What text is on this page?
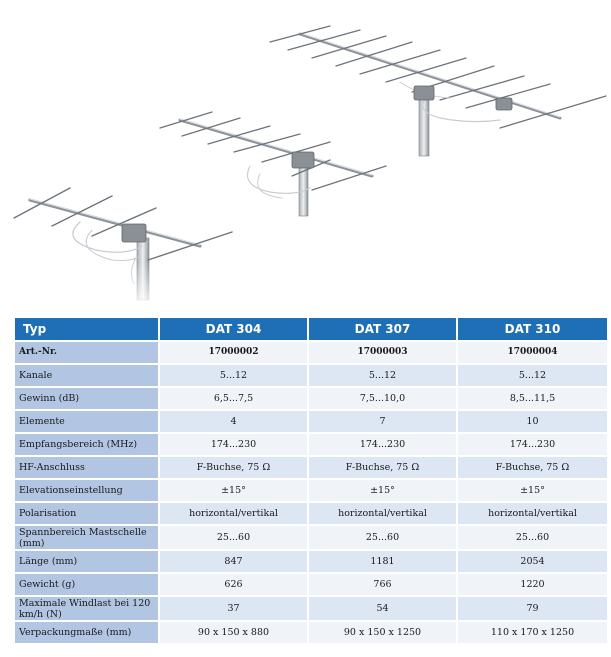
Typ	DAT 304	DAT 307	DAT 310
Art.-Nr.	17000002	17000003	17000004
Kanale	5...12	5...12	5...12
Gewinn (dB)	6,5...7,5	7,5...10,0	8,5...11,5
Elemente	4	7	10
Empfangsbereich (MHz)	174...230	174...230	174...230
HF-Anschluss	F-Buchse, 75 Ω	F-Buchse, 75 Ω	F-Buchse, 75 Ω
Elevationseinstellung	±15°	±15°	±15°
Polarisation	horizontal/vertikal	horizontal/vertikal	horizontal/vertikal
Spannbereich Mastschelle (mm)	25...60	25...60	25...60
Länge (mm)	847	1181	2054
Gewicht (g)	626	766	1220
Maximale Windlast bei 120 km/h (N)	37	54	79
Verpackungmaße (mm)	90 x 150 x 880	90 x 150 x 1250	110 x 170 x 1250
